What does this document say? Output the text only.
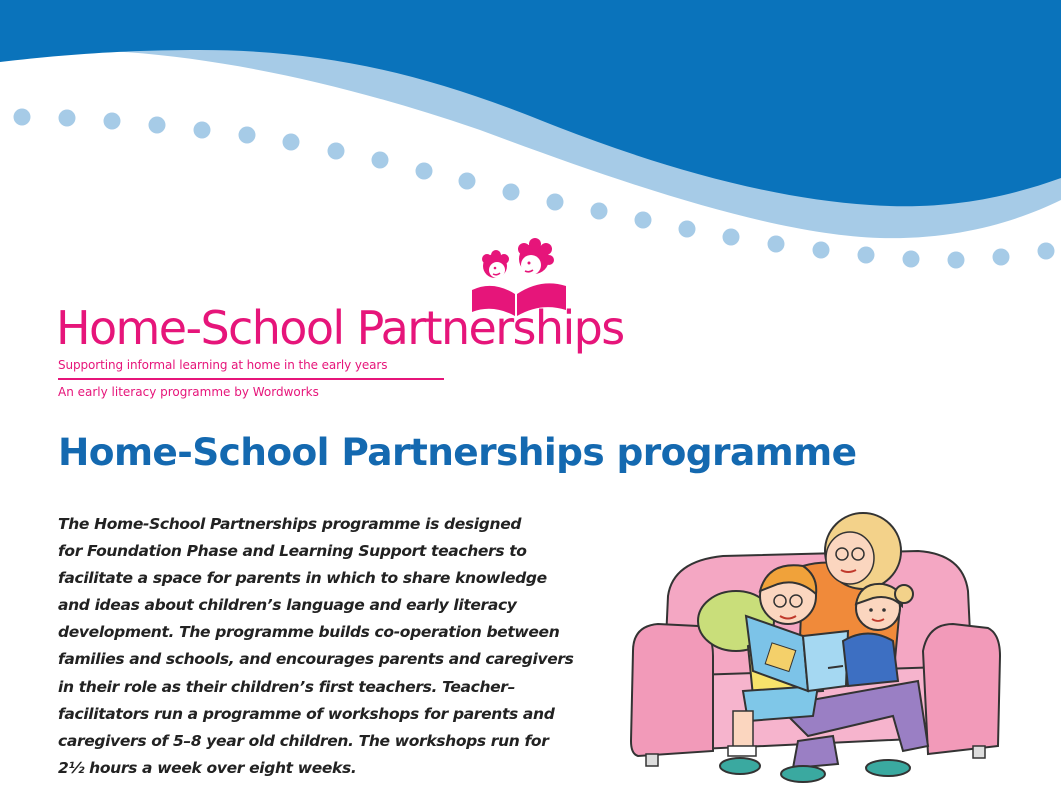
Home-School Partnerships
Supporting informal learning at home in the early years
An early literacy programme by Wordworks
Home-School Partnerships programme

The Home-School Partnerships programme is designed
for Foundation Phase and Learning Support teachers to
facilitate a space for parents in which to share knowledge
and ideas about children’s language and early literacy
development. The programme builds co-operation between
families and schools, and encourages parents and caregivers
in their role as their children’s first teachers. Teacher–
facilitators run a programme of workshops for parents and
caregivers of 5–8 year old children. The workshops run for
2½ hours a week over eight weeks.
